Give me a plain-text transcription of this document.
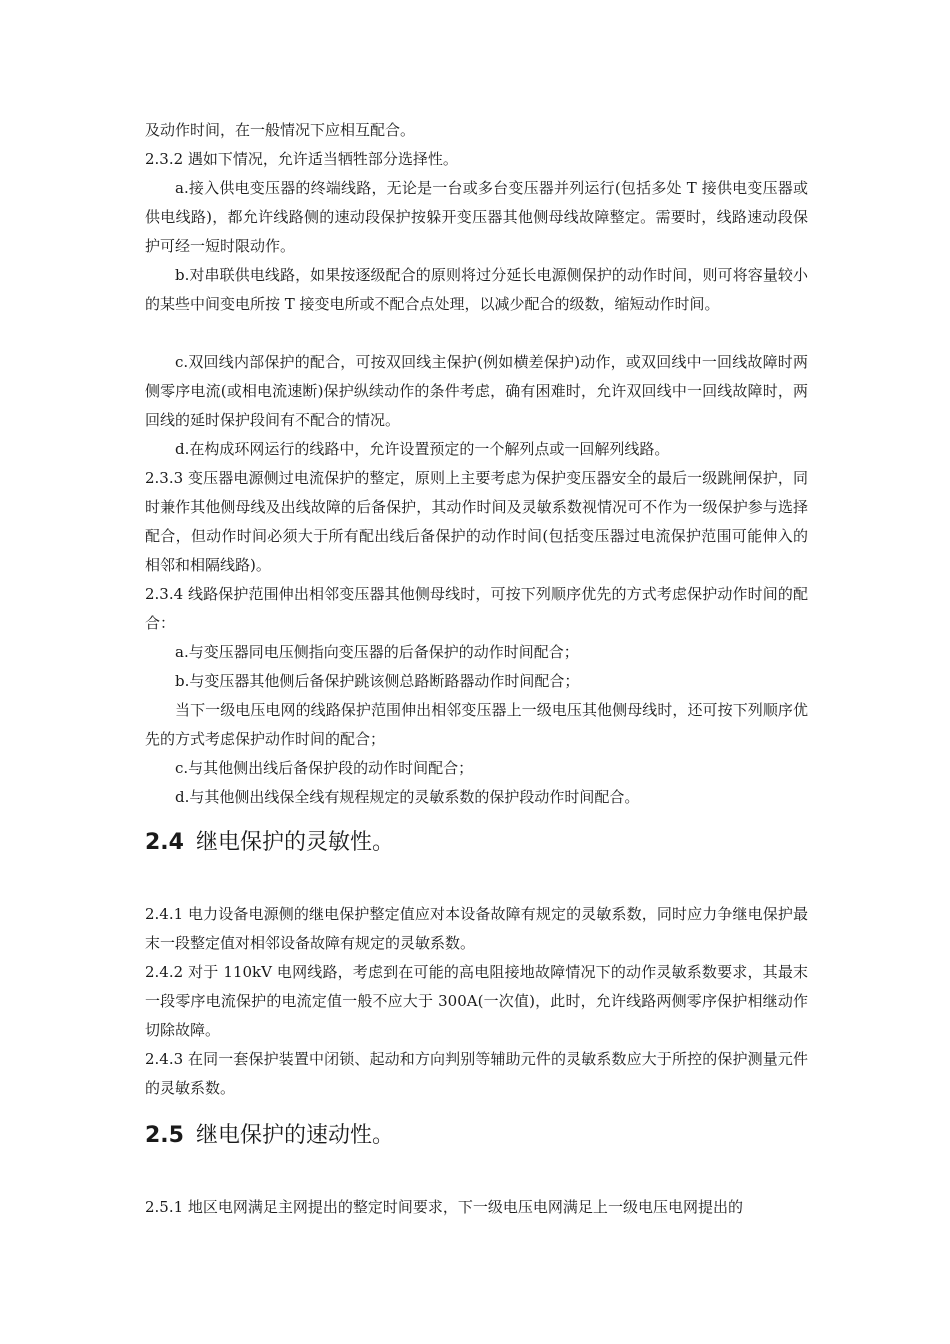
及动作时间，在一般情况下应相互配合。

2.3.2 遇如下情况，允许适当牺牲部分选择性。

a.接入供电变压器的终端线路，无论是一台或多台变压器并列运行(包括多处 T 接供电变压器或供电线路)，都允许线路侧的速动段保护按躲开变压器其他侧母线故障整定。需要时，线路速动段保护可经一短时限动作。

b.对串联供电线路，如果按逐级配合的原则将过分延长电源侧保护的动作时间，则可将容量较小的某些中间变电所按 T 接变电所或不配合点处理，以减少配合的级数，缩短动作时间。

c.双回线内部保护的配合，可按双回线主保护(例如横差保护)动作，或双回线中一回线故障时两侧零序电流(或相电流速断)保护纵续动作的条件考虑，确有困难时，允许双回线中一回线故障时，两回线的延时保护段间有不配合的情况。

d.在构成环网运行的线路中，允许设置预定的一个解列点或一回解列线路。

2.3.3 变压器电源侧过电流保护的整定，原则上主要考虑为保护变压器安全的最后一级跳闸保护，同时兼作其他侧母线及出线故障的后备保护，其动作时间及灵敏系数视情况可不作为一级保护参与选择配合，但动作时间必须大于所有配出线后备保护的动作时间(包括变压器过电流保护范围可能伸入的相邻和相隔线路)。

2.3.4 线路保护范围伸出相邻变压器其他侧母线时，可按下列顺序优先的方式考虑保护动作时间的配合：

a.与变压器同电压侧指向变压器的后备保护的动作时间配合；

b.与变压器其他侧后备保护跳该侧总路断路器动作时间配合；

当下一级电压电网的线路保护范围伸出相邻变压器上一级电压其他侧母线时，还可按下列顺序优先的方式考虑保护动作时间的配合；

c.与其他侧出线后备保护段的动作时间配合；

d.与其他侧出线保全线有规程规定的灵敏系数的保护段动作时间配合。

2.4 继电保护的灵敏性。

2.4.1 电力设备电源侧的继电保护整定值应对本设备故障有规定的灵敏系数，同时应力争继电保护最末一段整定值对相邻设备故障有规定的灵敏系数。

2.4.2 对于 110kV 电网线路，考虑到在可能的高电阻接地故障情况下的动作灵敏系数要求，其最末一段零序电流保护的电流定值一般不应大于 300A(一次值)，此时，允许线路两侧零序保护相继动作切除故障。

2.4.3 在同一套保护装置中闭锁、起动和方向判别等辅助元件的灵敏系数应大于所控的保护测量元件的灵敏系数。

2.5 继电保护的速动性。

2.5.1 地区电网满足主网提出的整定时间要求，下一级电压电网满足上一级电压电网提出的
